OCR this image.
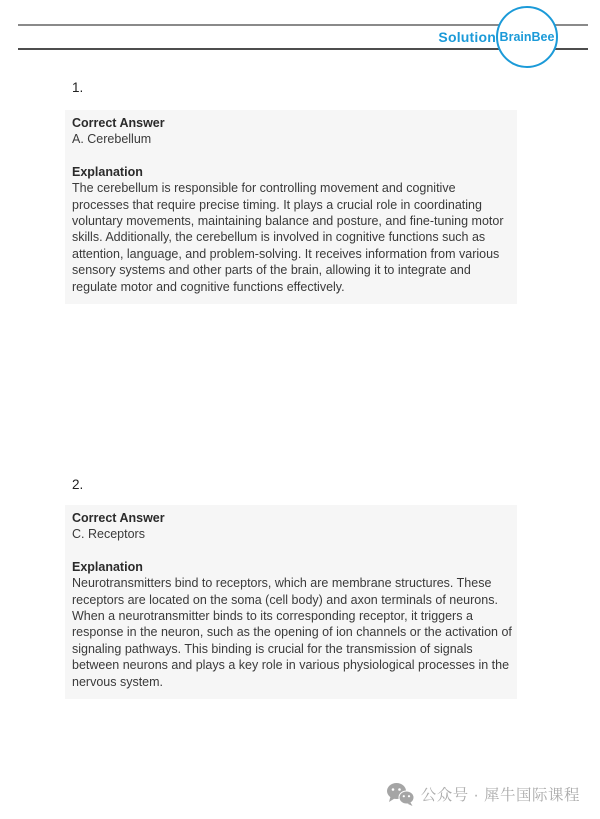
Solution BrainBee
1.
Correct Answer
A. Cerebellum
Explanation
The cerebellum is responsible for controlling movement and cognitive processes that require precise timing. It plays a crucial role in coordinating voluntary movements, maintaining balance and posture, and fine-tuning motor skills. Additionally, the cerebellum is involved in cognitive functions such as attention, language, and problem-solving. It receives information from various sensory systems and other parts of the brain, allowing it to integrate and regulate motor and cognitive functions effectively.
2.
Correct Answer
C. Receptors
Explanation
Neurotransmitters bind to receptors, which are membrane structures. These receptors are located on the soma (cell body) and axon terminals of neurons. When a neurotransmitter binds to its corresponding receptor, it triggers a response in the neuron, such as the opening of ion channels or the activation of signaling pathways. This binding is crucial for the transmission of signals between neurons and plays a key role in various physiological processes in the nervous system.
公众号 · 犀牛国际课程
